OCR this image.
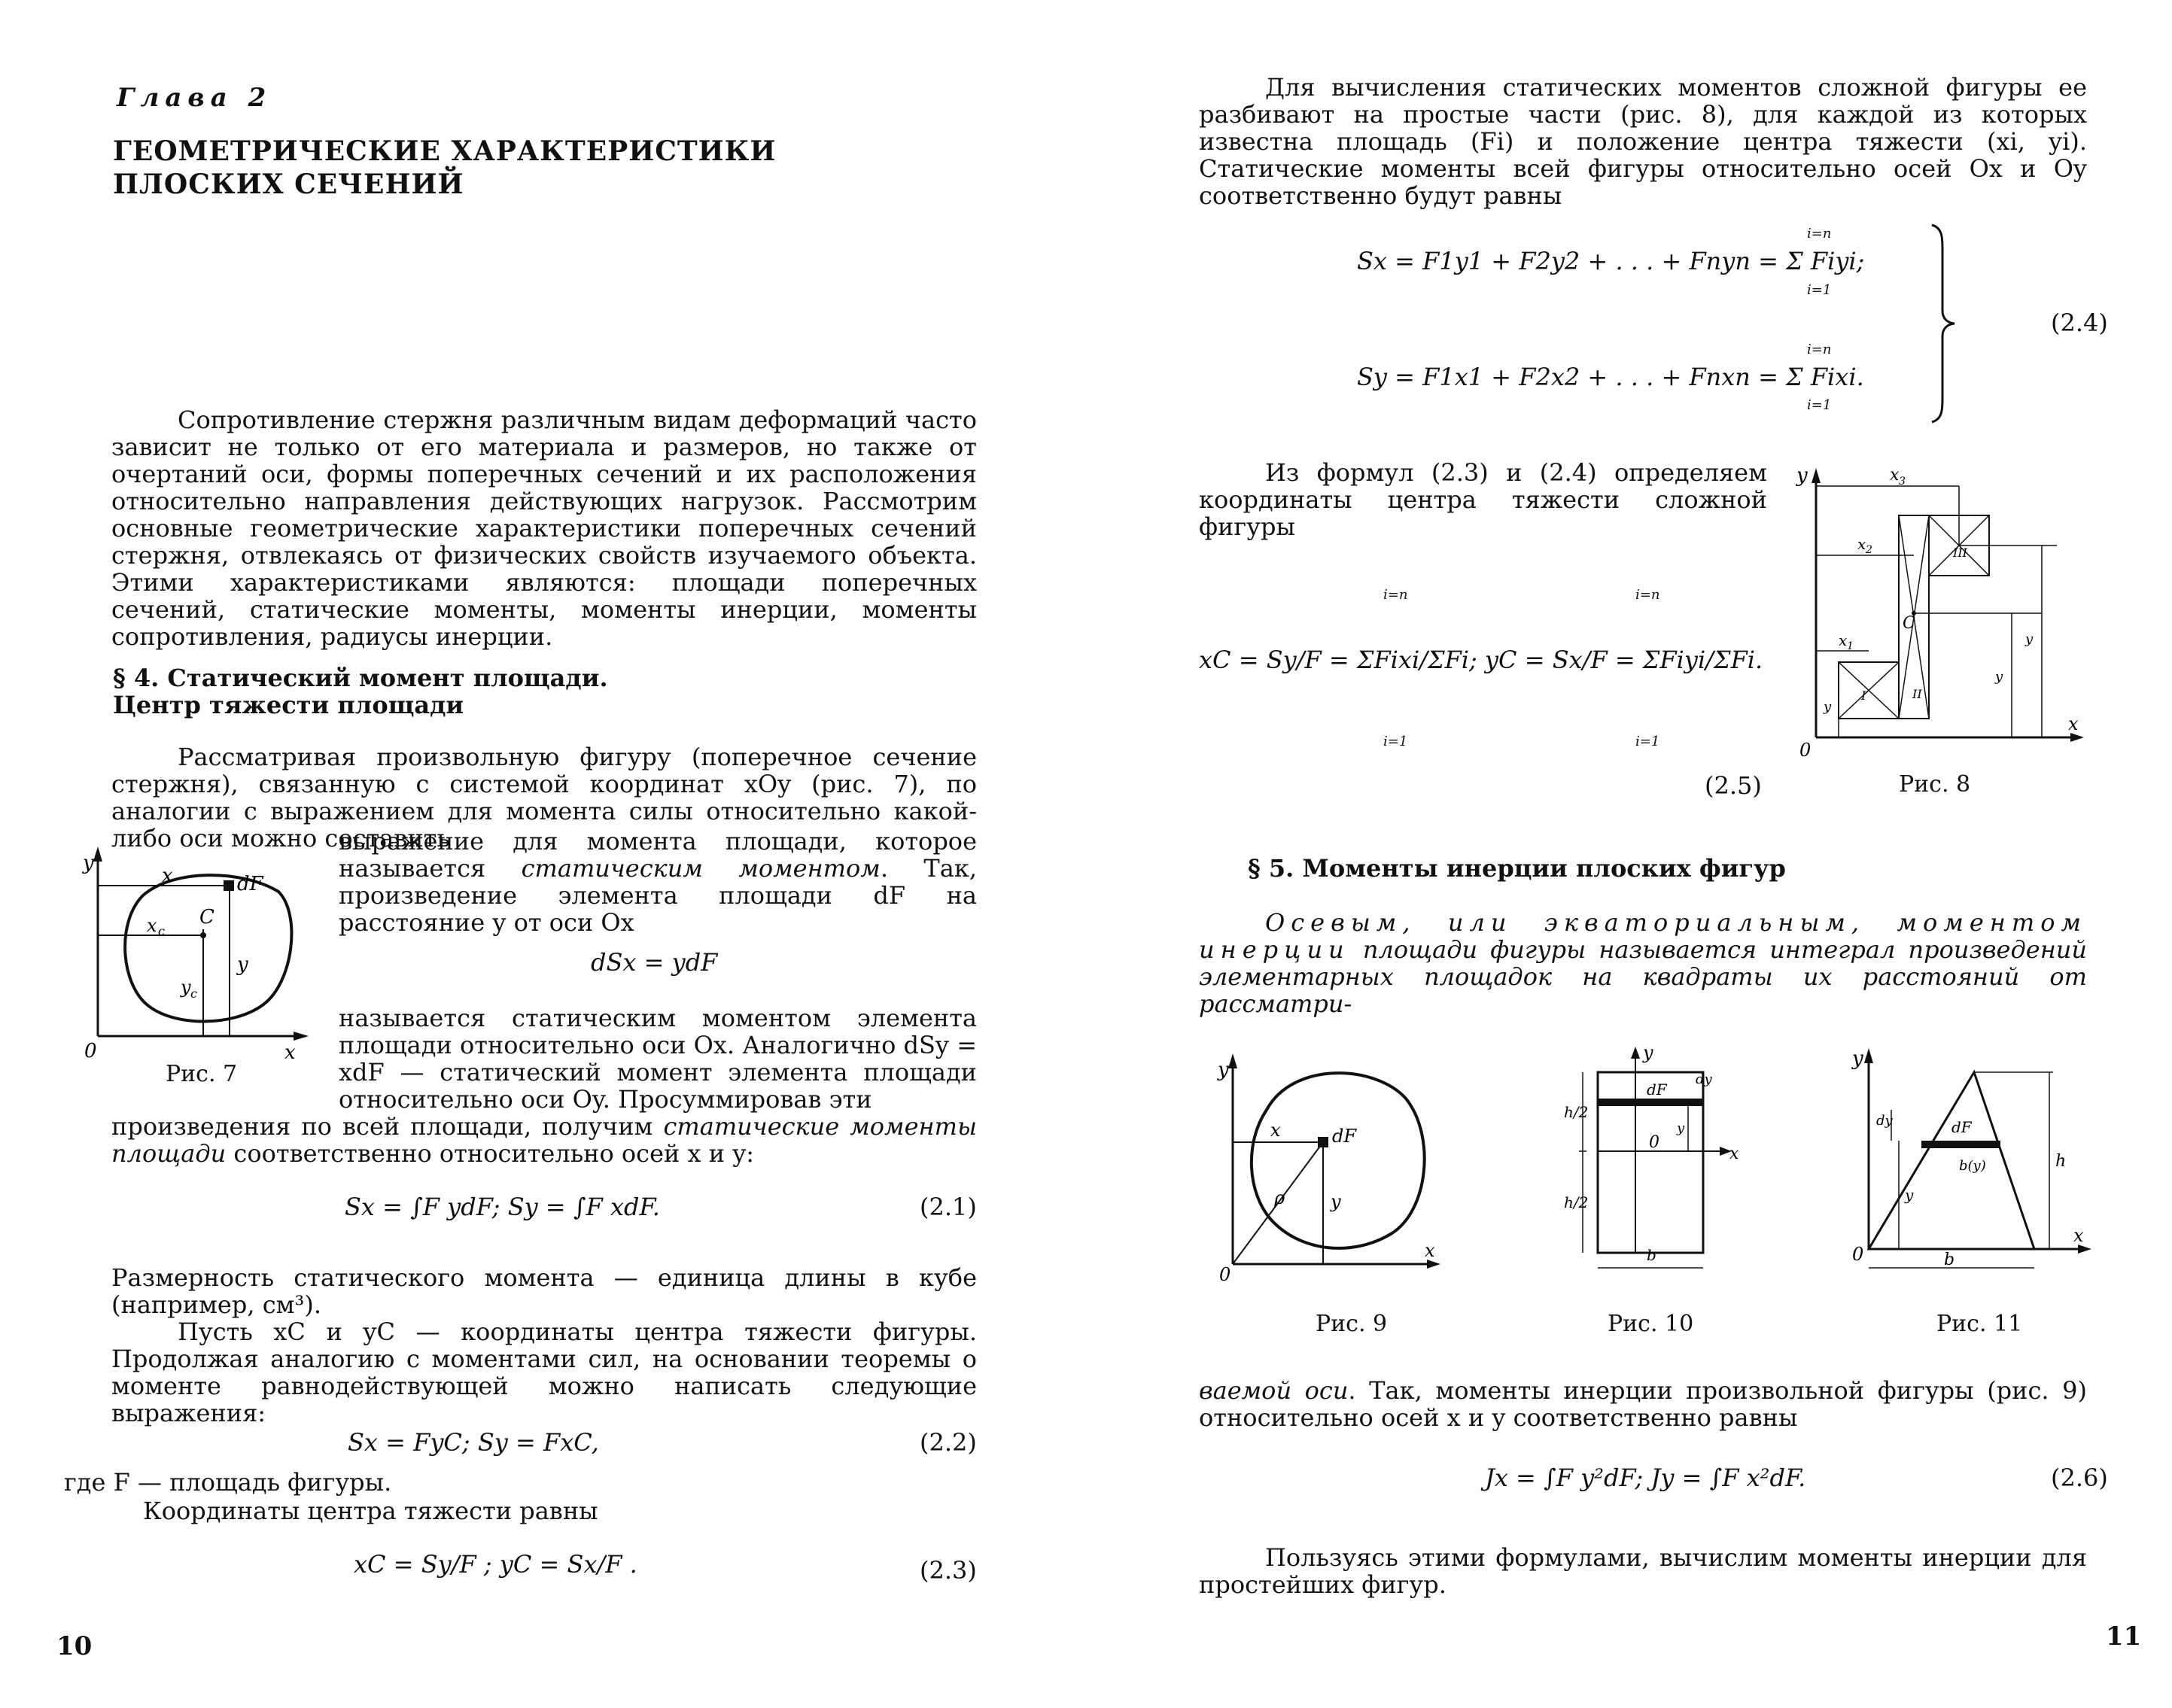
Глава 2
ГЕОМЕТРИЧЕСКИЕ ХАРАКТЕРИСТИКИ
ПЛОСКИХ СЕЧЕНИЙ

Сопротивление стержня различным видам деформаций часто зависит не только от его материала и размеров, но также от очертаний оси, формы поперечных сечений и их расположения относительно направления действующих нагрузок. Рассмотрим основные геометрические характеристики поперечных сечений стержня, отвлекаясь от физических свойств изучаемого объекта. Этими характеристиками являются: площади поперечных сечений, статические моменты, моменты инерции, моменты сопротивления, радиусы инерции.

§ 4. Статический момент площади.
Центр тяжести площади

Рассматривая произвольную фигуру (поперечное сечение стержня), связанную с системой координат xOy (рис. 7), по аналогии с выражением для момента силы относительно какой-либо оси можно составить

y
x	dF
x c
C
y c
y
0	x
Рис. 7

выражение для момента площади, которое называется статическим моментом. Так, произведение элемента площади dF на расстояние y от оси Ox

dSx = ydF

называется статическим моментом элемента площади относительно оси Ox. Аналогично dSy = xdF — статический момент элемента площади относительно оси Oy. Просуммировав эти

произведения по всей площади, получим статические моменты площади соответственно относительно осей x и y:

Sx = ∫F ydF; Sy = ∫F xdF.	(2.1)

Размерность статического момента — единица длины в кубе (например, см³).

Пусть xC и yC — координаты центра тяжести фигуры. Продолжая аналогию с моментами сил, на основании теоремы о моменте равнодействующей можно написать следующие выражения:

Sx = FyC; Sy = FxC,	(2.2)

где F — площадь фигуры.

Координаты центра тяжести равны

xC = Sy/F ; yC = Sx/F .	(2.3)
10

Для вычисления статических моментов сложной фигуры ее разбивают на простые части (рис. 8), для каждой из которых известна площадь (Fi) и положение центра тяжести (xi, yi). Статические моменты всей фигуры относительно осей Ox и Oy соответственно будут равны

Sx = F1y1 + F2y2 + . . . + Fnyn = Σ Fiyi;
i=n
i=1
Sy = F1x1 + F2x2 + . . . + Fnxn = Σ Fixi.
i=n
i=1
(2.4)

Из формул (2.3) и (2.4) определяем координаты центра тяжести сложной фигуры

xC = Sy/F = ΣFixi/ΣFi; yC = Sx/F = ΣFiyi/ΣFi.
i=n	i=n
i=1	i=1
(2.5)
y	x 3
x 2
x 1
C
I	II
III
y
y
y
0
x
Рис. 8
§ 5. Моменты инерции плоских фигур

Осевым, или экваториальным, моментом инерции площади фигуры называется интеграл произведений элементарных площадок на квадраты их расстояний от рассматри-

y
x	dF
ρ	y
0
x
Рис. 9
y
dF
dy
x
0
y
h/2
h/2
b
Рис. 10
y
dy	dF
b(y)
y
h
b
0
x
Рис. 11

ваемой оси. Так, моменты инерции произвольной фигуры (рис. 9) относительно осей x и y соответственно равны

Jx = ∫F y²dF; Jy = ∫F x²dF.	(2.6)

Пользуясь этими формулами, вычислим моменты инерции для простейших фигур.

11
